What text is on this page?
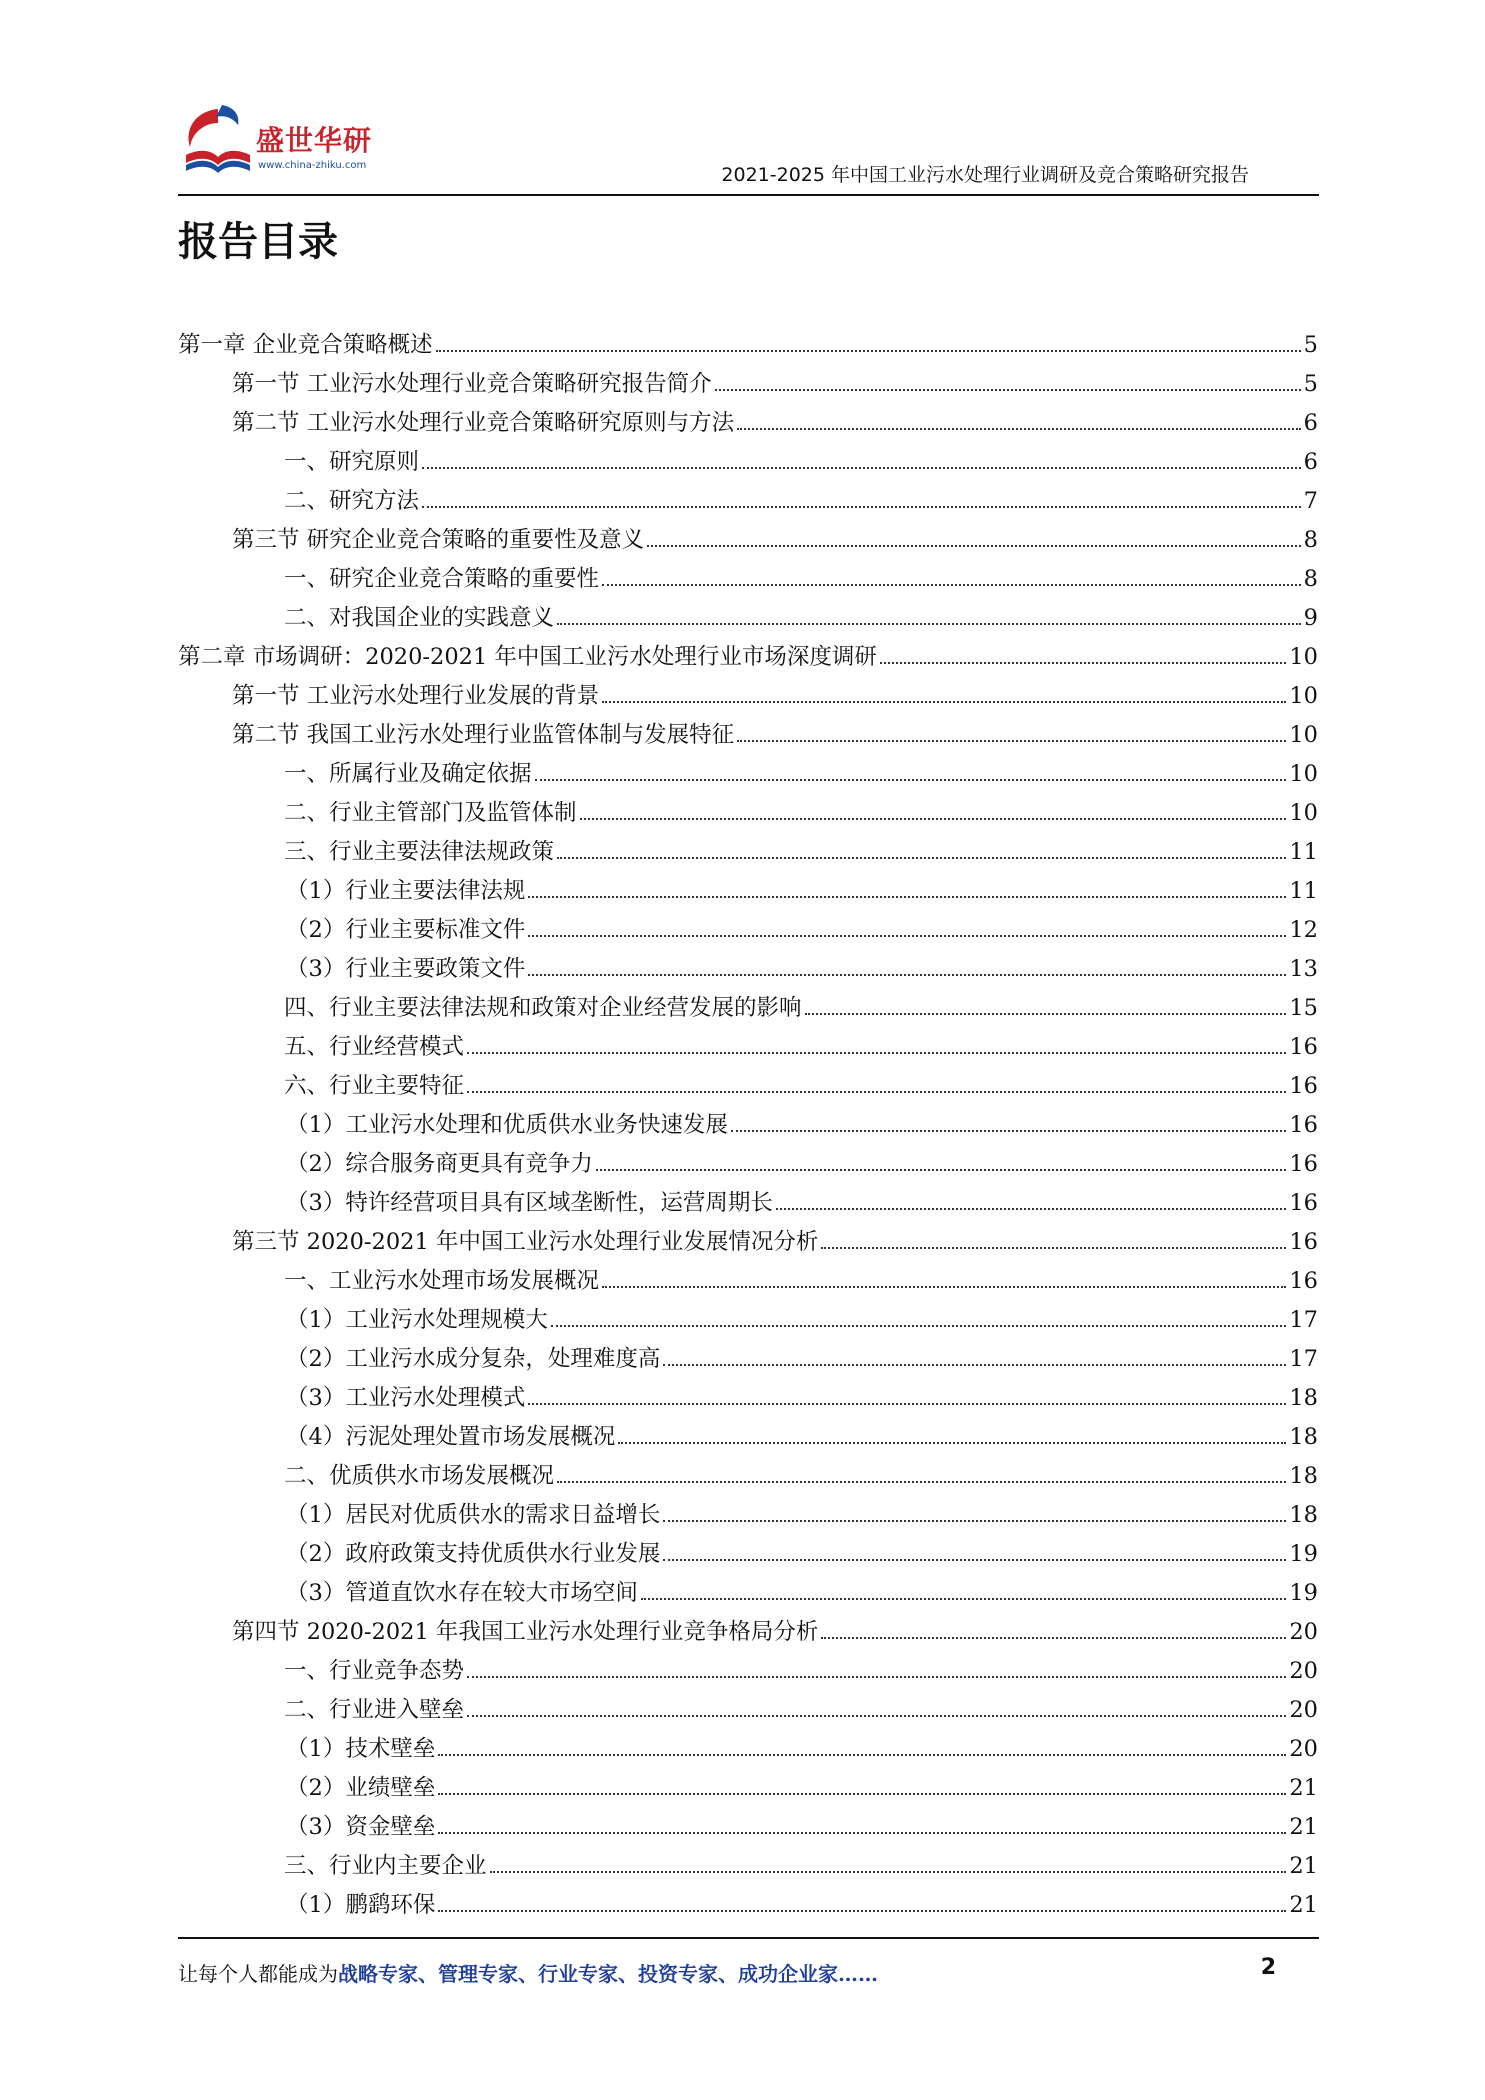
盛世华研
www.china-zhiku.com	2021-2025 年中国工业污水处理行业调研及竞合策略研究报告
报告目录
第一章 企业竞合策略概述	5
第一节 工业污水处理行业竞合策略研究报告简介	5
第二节 工业污水处理行业竞合策略研究原则与方法	6
一、研究原则	6
二、研究方法	7
第三节 研究企业竞合策略的重要性及意义	8
一、研究企业竞合策略的重要性	8
二、对我国企业的实践意义	9
第二章 市场调研：2020-2021 年中国工业污水处理行业市场深度调研	10
第一节 工业污水处理行业发展的背景	10
第二节 我国工业污水处理行业监管体制与发展特征	10
一、所属行业及确定依据	10
二、行业主管部门及监管体制	10
三、行业主要法律法规政策	11
（1）行业主要法律法规	11
（2）行业主要标准文件	12
（3）行业主要政策文件	13
四、行业主要法律法规和政策对企业经营发展的影响	15
五、行业经营模式	16
六、行业主要特征	16
（1）工业污水处理和优质供水业务快速发展	16
（2）综合服务商更具有竞争力	16
（3）特许经营项目具有区域垄断性，运营周期长	16
第三节 2020-2021 年中国工业污水处理行业发展情况分析	16
一、工业污水处理市场发展概况	16
（1）工业污水处理规模大	17
（2）工业污水成分复杂，处理难度高	17
（3）工业污水处理模式	18
（4）污泥处理处置市场发展概况	18
二、优质供水市场发展概况	18
（1）居民对优质供水的需求日益增长	18
（2）政府政策支持优质供水行业发展	19
（3）管道直饮水存在较大市场空间	19
第四节 2020-2021 年我国工业污水处理行业竞争格局分析	20
一、行业竞争态势	20
二、行业进入壁垒	20
（1）技术壁垒	20
（2）业绩壁垒	21
（3）资金壁垒	21
三、行业内主要企业	21
（1）鹏鹞环保	21
让每个人都能成为战略专家、管理专家、行业专家、投资专家、成功企业家……	2
